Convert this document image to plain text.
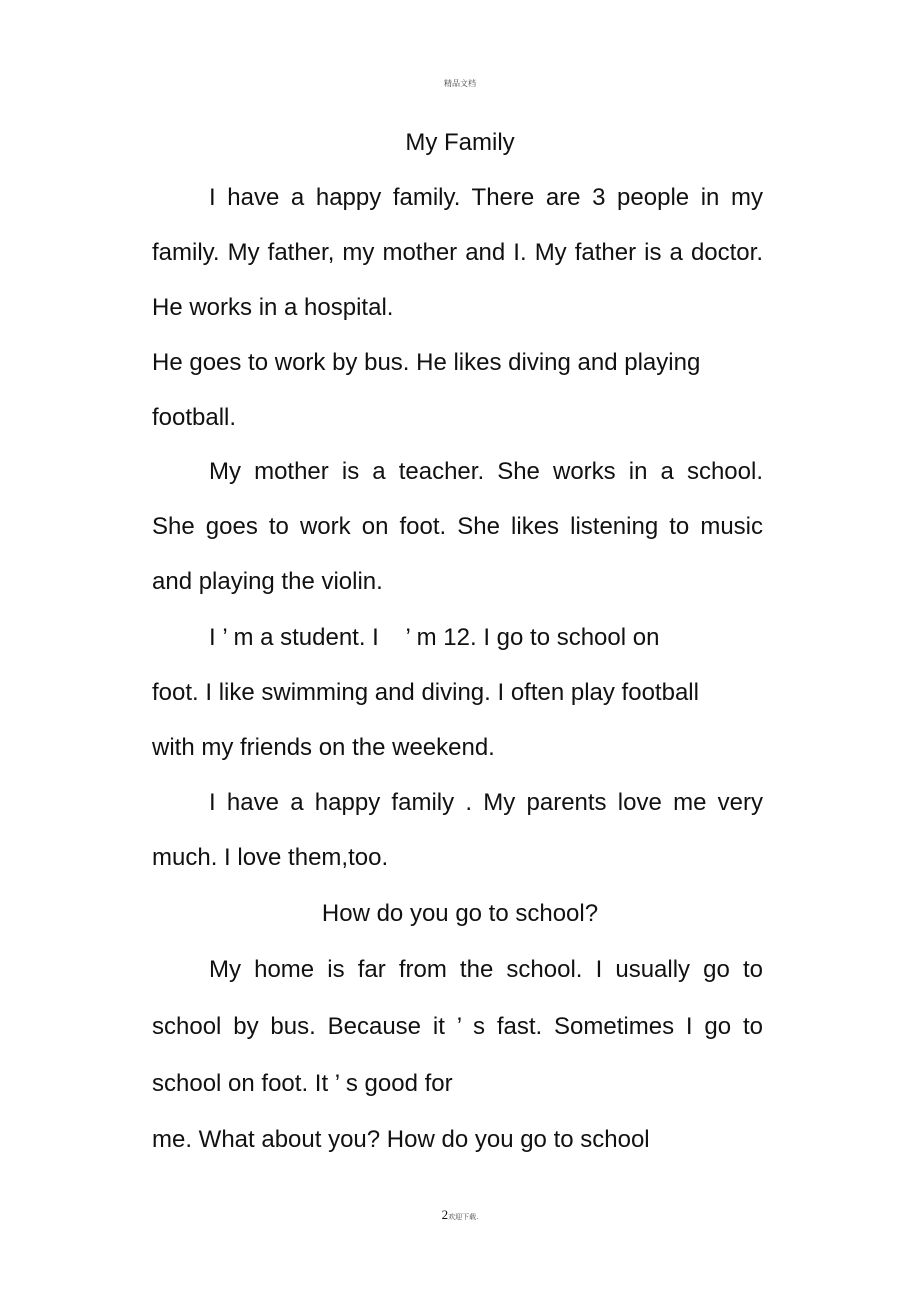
精品文档
My Family
I have a happy family. There are 3 people in my
family. My father, my mother and I. My father is a doctor.
He works in a hospital.
He goes to work by bus. He likes diving and playing
football.
My mother is a teacher. She works in a school.
She goes to work on foot. She likes listening to music
and playing the violin.
I ’ m a student. I    ’ m 12. I go to school on
foot. I like swimming and diving. I often play football
with my friends on the weekend.
I have a happy family . My parents love me very
much. I love them,too.
How do you go to school?
My home is far from the school. I usually go to
school by bus. Because it ’ s fast. Sometimes I go to
school on foot. It ’ s good for
me. What about you? How do you go to school
2欢迎下载.
